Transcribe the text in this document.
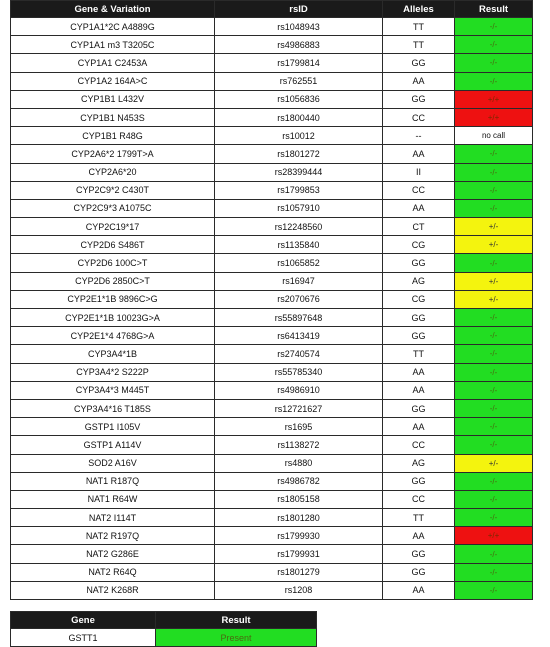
Gene & Variation	rsID	Alleles	Result
CYP1A1*2C A4889G	rs1048943	TT	-/-
CYP1A1 m3 T3205C	rs4986883	TT	-/-
CYP1A1 C2453A	rs1799814	GG	-/-
CYP1A2 164A>C	rs762551	AA	-/-
CYP1B1 L432V	rs1056836	GG	+/+
CYP1B1 N453S	rs1800440	CC	+/+
CYP1B1 R48G	rs10012	--	no call
CYP2A6*2 1799T>A	rs1801272	AA	-/-
CYP2A6*20	rs28399444	II	-/-
CYP2C9*2 C430T	rs1799853	CC	-/-
CYP2C9*3 A1075C	rs1057910	AA	-/-
CYP2C19*17	rs12248560	CT	+/-
CYP2D6 S486T	rs1135840	CG	+/-
CYP2D6 100C>T	rs1065852	GG	-/-
CYP2D6 2850C>T	rs16947	AG	+/-
CYP2E1*1B 9896C>G	rs2070676	CG	+/-
CYP2E1*1B 10023G>A	rs55897648	GG	-/-
CYP2E1*4 4768G>A	rs6413419	GG	-/-
CYP3A4*1B	rs2740574	TT	-/-
CYP3A4*2 S222P	rs55785340	AA	-/-
CYP3A4*3 M445T	rs4986910	AA	-/-
CYP3A4*16 T185S	rs12721627	GG	-/-
GSTP1 I105V	rs1695	AA	-/-
GSTP1 A114V	rs1138272	CC	-/-
SOD2 A16V	rs4880	AG	+/-
NAT1 R187Q	rs4986782	GG	-/-
NAT1 R64W	rs1805158	CC	-/-
NAT2 I114T	rs1801280	TT	-/-
NAT2 R197Q	rs1799930	AA	+/+
NAT2 G286E	rs1799931	GG	-/-
NAT2 R64Q	rs1801279	GG	-/-
NAT2 K268R	rs1208	AA	-/-
Gene	Result
GSTT1	Present
